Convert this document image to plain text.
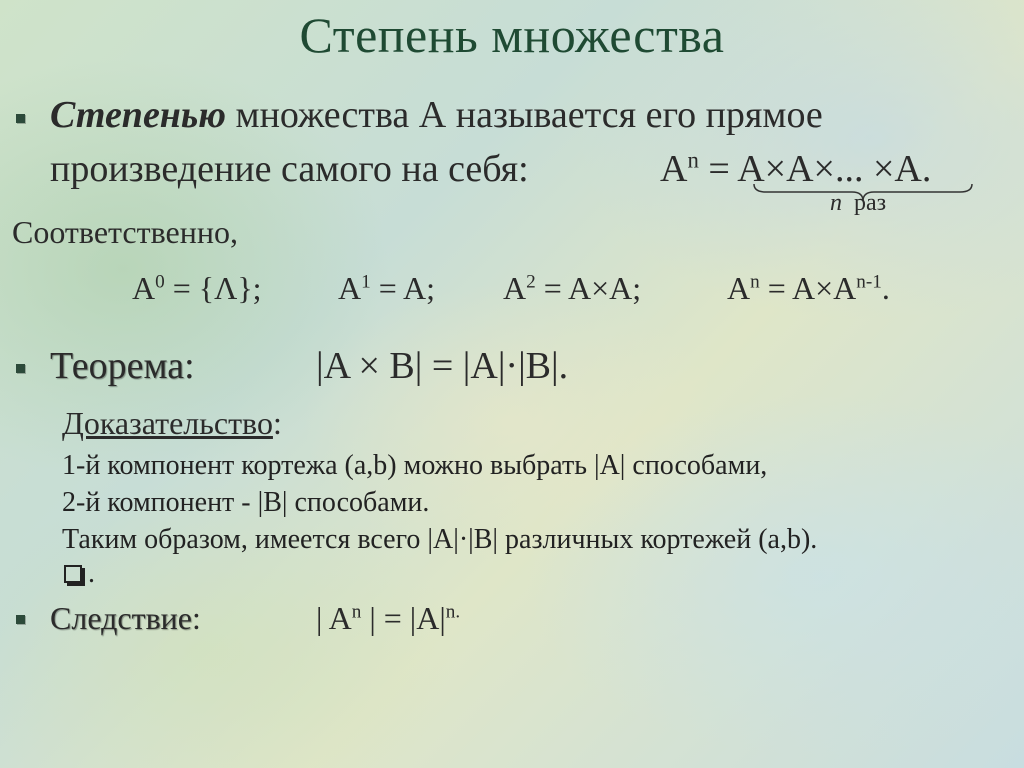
Степень множества
Степенью множества А называется его прямое
произведение самого на себя:	$A^n = A\times A\times$... ×A.
n раз
Соответственно,
$A^0 = \{\Lambda\}$; $A^1 = A$; $A^2 = A\times A$;	$A^n = A\times A^{n-1}$.
Теорема:	|A × B| = |A|·|B|.
Доказательство:
1-й компонент кортежа (a,b) можно выбрать |A| способами,
2-й компонент - |B| способами.
Таким образом, имеется всего |A|·|B| различных кортежей (a,b).
.
Следствие:	| $A^n$ | = $|A|^{n.}$
